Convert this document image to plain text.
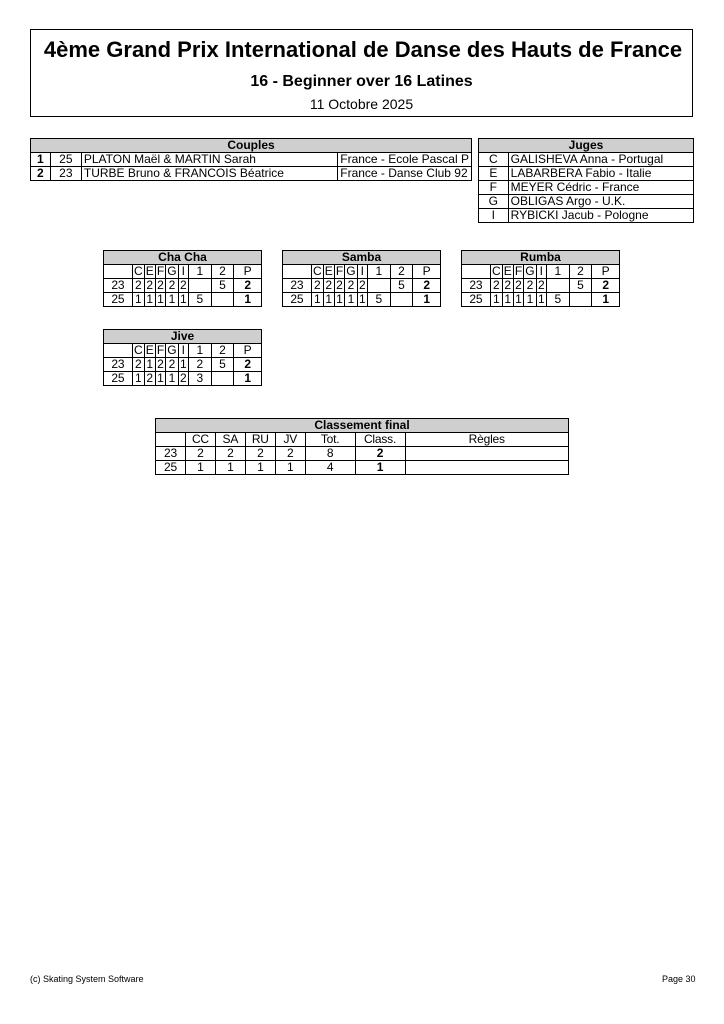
4ème Grand Prix International de Danse des Hauts de France
16 - Beginner over 16 Latines
11 Octobre 2025
Couples			
1	25	PLATON Maël & MARTIN Sarah	France - Ecole Pascal P
2	23	TURBE Bruno & FRANCOIS Béatrice	France - Danse Club 92
Juges	
C	GALISHEVA Anna - Portugal
E	LABARBERA Fabio - Italie
F	MEYER Cédric - France
G	OBLIGAS Argo - U.K.
I	RYBICKI Jacub - Pologne
Cha Cha								
	C	E	F	G	I	1	2	P
23	2	2	2	2	2		5	2
25	1	1	1	1	1	5		1
Samba								
	C	E	F	G	I	1	2	P
23	2	2	2	2	2		5	2
25	1	1	1	1	1	5		1
Rumba								
	C	E	F	G	I	1	2	P
23	2	2	2	2	2		5	2
25	1	1	1	1	1	5		1
Jive								
	C	E	F	G	I	1	2	P
23	2	1	2	2	1	2	5	2
25	1	2	1	1	2	3		1
Classement final							
	CC	SA	RU	JV	Tot.	Class.	Règles
23	2	2	2	2	8	2	
25	1	1	1	1	4	1	
(c) Skating System Software	Page 30
